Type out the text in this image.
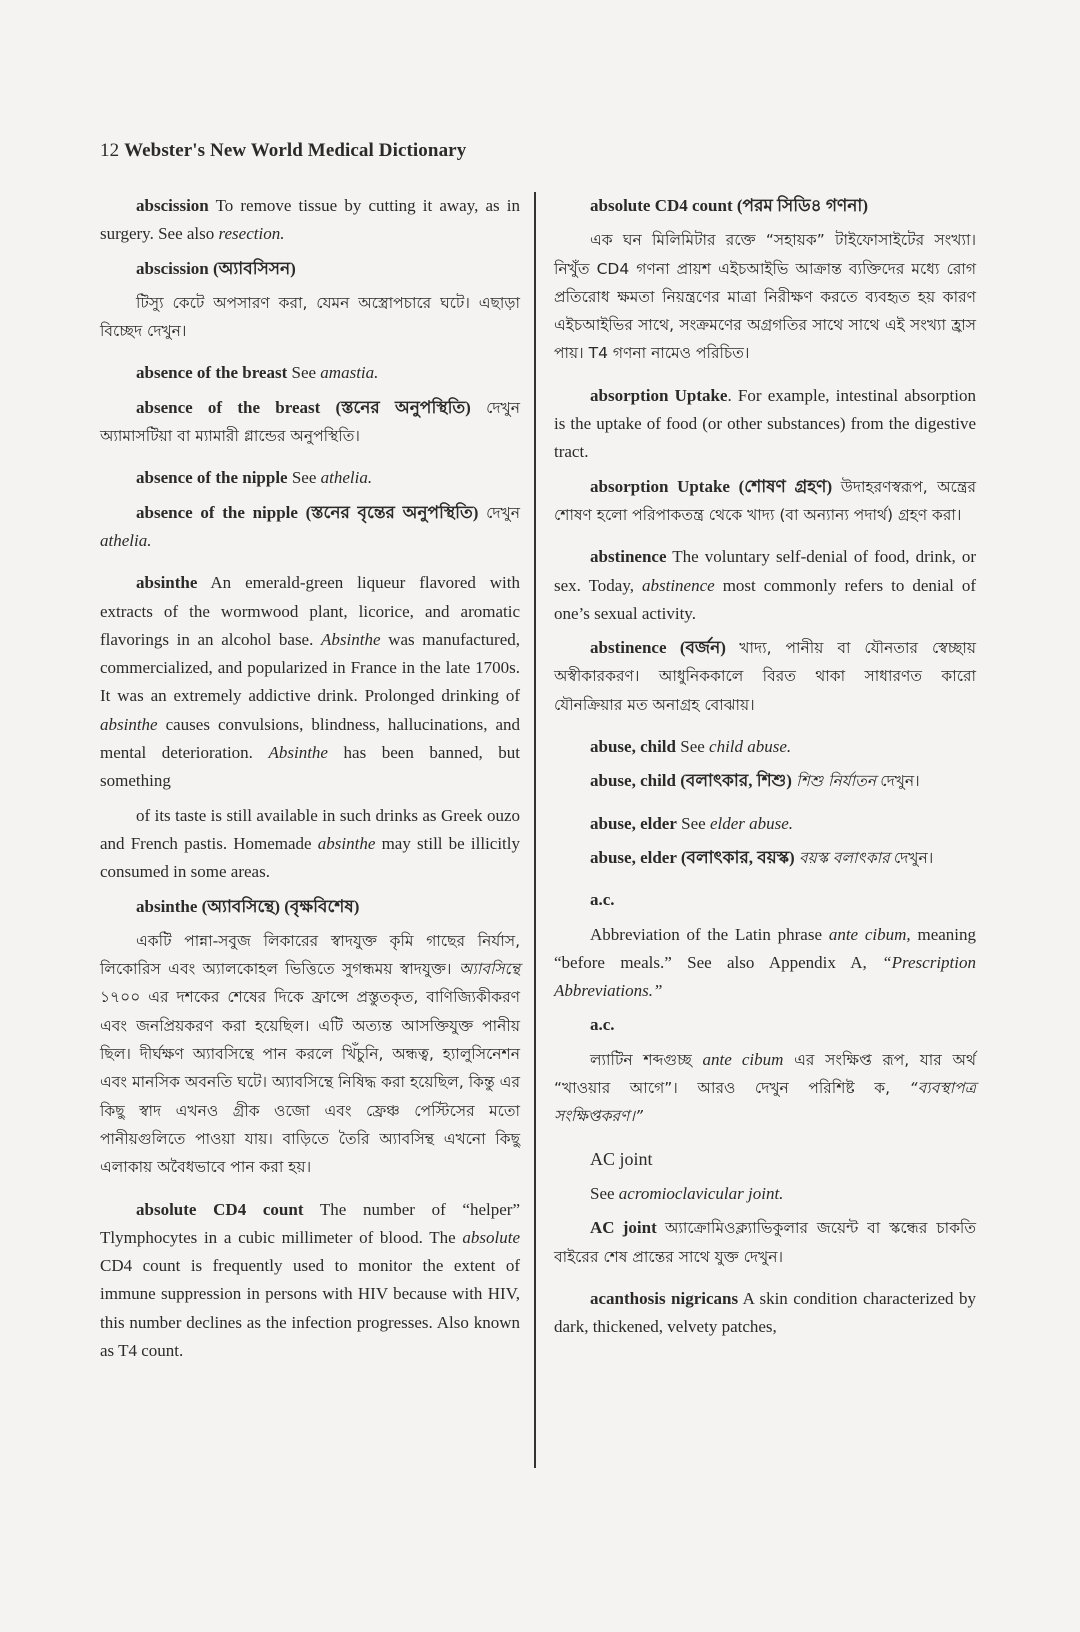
12 Webster's New World Medical Dictionary

abscission To remove tissue by cutting it away, as in surgery. See also resection.

abscission (অ্যাবসিসন)

টিস্যু কেটে অপসারণ করা, যেমন অস্ত্রোপচারে ঘটে। এছাড়া বিচ্ছেদ দেখুন।

absence of the breast See amastia.

absence of the breast (স্তনের অনুপস্থিতি) দেখুন অ্যামাসটিয়া বা ম্যামারী গ্লান্ডের অনুপস্থিতি।

absence of the nipple See athelia.

absence of the nipple (স্তনের বৃন্তের অনুপস্থিতি) দেখুন athelia.

absinthe An emerald-green liqueur flavored with extracts of the wormwood plant, licorice, and aromatic flavorings in an alcohol base. Absinthe was manufactured, commercialized, and popularized in France in the late 1700s. It was an extremely addictive drink. Prolonged drinking of absinthe causes convulsions, blindness, hallucinations, and mental deterioration. Absinthe has been banned, but something

of its taste is still available in such drinks as Greek ouzo and French pastis. Homemade absinthe may still be illicitly consumed in some areas.

absinthe (অ্যাবসিন্থে) (বৃক্ষবিশেষ)

একটি পান্না-সবুজ লিকারের স্বাদযুক্ত কৃমি গাছের নির্যাস, লিকোরিস এবং অ্যালকোহল ভিত্তিতে সুগন্ধময় স্বাদযুক্ত। অ্যাবসিন্থে ১৭০০ এর দশকের শেষের দিকে ফ্রান্সে প্রস্তুতকৃত, বাণিজ্যিকীকরণ এবং জনপ্রিয়করণ করা হয়েছিল। এটি অত্যন্ত আসক্তিযুক্ত পানীয় ছিল। দীর্ঘক্ষণ অ্যাবসিন্থে পান করলে খিঁচুনি, অন্ধত্ব, হ্যালুসিনেশন এবং মানসিক অবনতি ঘটে। অ্যাবসিন্থে নিষিদ্ধ করা হয়েছিল, কিন্তু এর কিছু স্বাদ এখনও গ্রীক ওজো এবং ফ্রেঞ্চ পেস্টিসের মতো পানীয়গুলিতে পাওয়া যায়। বাড়িতে তৈরি অ্যাবসিন্থ এখনো কিছু এলাকায় অবৈধভাবে পান করা হয়।

absolute CD4 count The number of “helper” Tlymphocytes in a cubic millimeter of blood. The absolute CD4 count is frequently used to monitor the extent of immune suppression in persons with HIV because with HIV, this number declines as the infection progresses. Also known as T4 count.

absolute CD4 count (পরম সিডি৪ গণনা)

এক ঘন মিলিমিটার রক্তে “সহায়ক” টাইফোসাইটের সংখ্যা। নিখুঁত CD4 গণনা প্রায়শ এইচআইভি আক্রান্ত ব্যক্তিদের মধ্যে রোগ প্রতিরোধ ক্ষমতা নিয়ন্ত্রণের মাত্রা নিরীক্ষণ করতে ব্যবহৃত হয় কারণ এইচআইভির সাথে, সংক্রমণের অগ্রগতির সাথে সাথে এই সংখ্যা হ্রাস পায়। T4 গণনা নামেও পরিচিত।

absorption Uptake. For example, intestinal absorption is the uptake of food (or other substances) from the digestive tract.

absorption Uptake (শোষণ গ্রহণ) উদাহরণস্বরূপ, অন্ত্রের শোষণ হলো পরিপাকতন্ত্র থেকে খাদ্য (বা অন্যান্য পদার্থ) গ্রহণ করা।

abstinence The voluntary self-denial of food, drink, or sex. Today, abstinence most commonly refers to denial of one’s sexual activity.

abstinence (বর্জন) খাদ্য, পানীয় বা যৌনতার স্বেচ্ছায় অস্বীকারকরণ। আধুনিককালে বিরত থাকা সাধারণত কারো যৌনক্রিয়ার মত অনাগ্রহ বোঝায়।

abuse, child See child abuse.

abuse, child (বলাৎকার, শিশু) শিশু নির্যাতন দেখুন।

abuse, elder See elder abuse.

abuse, elder (বলাৎকার, বয়স্ক) বয়স্ক বলাৎকার দেখুন।

a.c.

Abbreviation of the Latin phrase ante cibum, meaning “before meals.” See also Appendix A, “Prescription Abbreviations.”

a.c.

ল্যাটিন শব্দগুচ্ছ ante cibum এর সংক্ষিপ্ত রূপ, যার অর্থ “খাওয়ার আগে”। আরও দেখুন পরিশিষ্ট ক, “ব্যবস্থাপত্র সংক্ষিপ্তকরণ।”

AC joint

See acromioclavicular joint.

AC joint অ্যাক্রোমিওক্ল্যাভিকুলার জয়েন্ট বা স্কন্ধের চাকতি বাইরের শেষ প্রান্তের সাথে যুক্ত দেখুন।

acanthosis nigricans A skin condition characterized by dark, thickened, velvety patches,
